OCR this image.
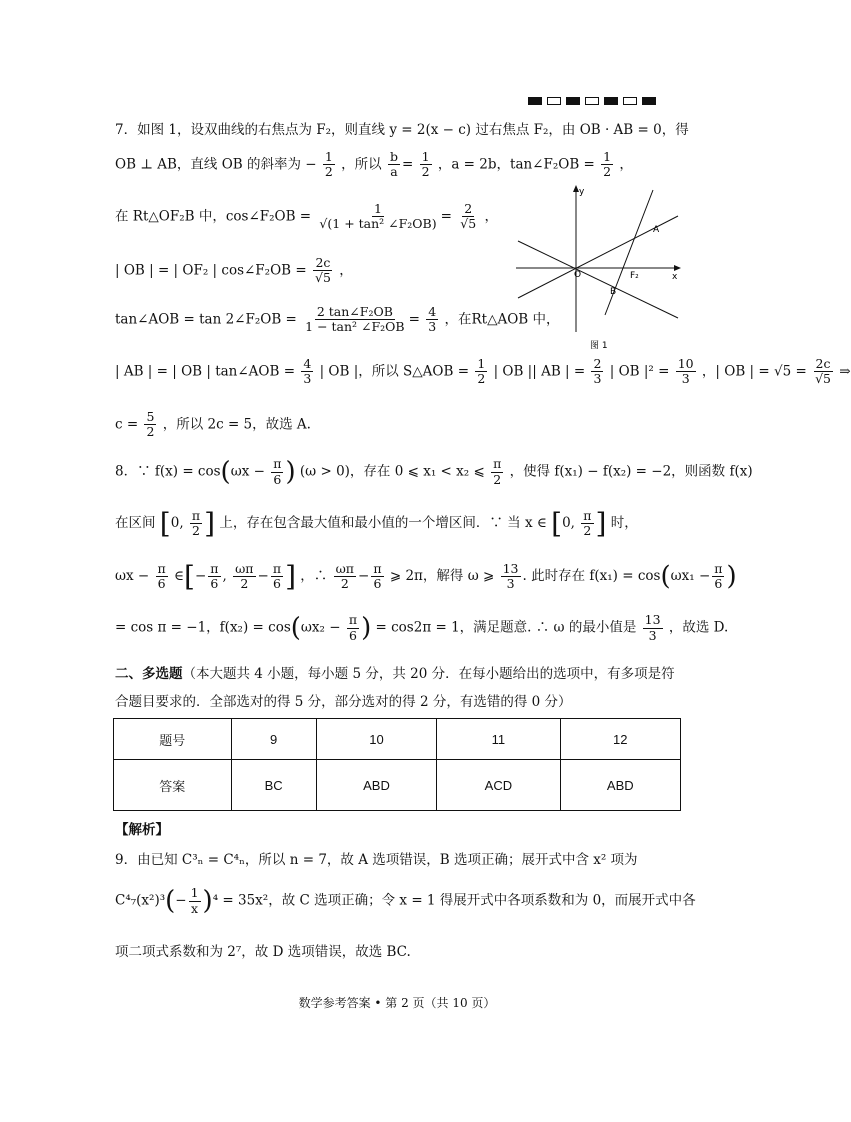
7．如图 1，设双曲线的右焦点为 F₂，则直线 y = 2(x − c) 过右焦点 F₂，由 OB · AB = 0，得
OB ⊥ AB，直线 OB 的斜率为 − $\frac{1}{2}$ ，所以 $\frac{b}{a} = \frac{1}{2}$ ，a = 2b，tan∠F₂OB = $\frac{1}{2}$ ，
在 Rt△OF₂B 中，cos∠F₂OB = $\frac{1}{\text{√(1 + tan² ∠F₂OB)}} = \frac{2}{√5}$ ，
| OB | = | OF₂ | cos∠F₂OB = $\frac{2c}{√5}$ ，
tan∠AOB = tan 2∠F₂OB = $\frac{\text{2 tan∠F₂OB}}{\text{1 − tan² ∠F₂OB}} = \frac{4}{3}$ ，在Rt△AOB 中，
| AB | = | OB | tan∠AOB = $\frac{4}{3}$ | OB |，所以 S△AOB = $\frac{1}{2}$ | OB || AB | = $\frac{2}{3}$ | OB $|^2 = \frac{10}{3}$ ，| OB | = $√5 = \frac{2c}{√5}$ ⇒
$c = \frac{5}{2}$ ，所以 2c = 5，故选 A.
y
x
O
A
F₂
B
图 1
8．∵ $f(x) = \cos(\omega x - \frac{\pi}{6}$ ) (ω > 0)，存在 0 ⩽ x₁ < x₂ ⩽ $\frac{\pi}{2}$ ，使得 f(x₁) − f(x₂) = −2，则函数 f(x)
在区间 [0, $\frac{\pi}{2}$ ] 上，存在包含最大值和最小值的一个增区间．∵ 当 x ∈ [0, $\frac{\pi}{2}$ ] 时，
$\omega x - \frac{\pi}{6}$ ∈[− $\frac{\pi}{6}$ , $\frac{\omega\pi}{2} - \frac{\pi}{6}$ ] ，∴ $\frac{\omega\pi}{2} - \frac{\pi}{6}$ ⩾ 2π，解得 ω ⩾ $\frac{13}{3}$ . 此时存在 $f(x_1) = \cos(\omega x_1 - \frac{\pi}{6}$ )
= cos π = −1，$f(x_2) = \cos(\omega x_2 - \frac{\pi}{6}$ ) = cos2π = 1，满足题意. ∴ ω 的最小值是 $\frac{13}{3}$ ，故选 D.
二、多选题（本大题共 4 小题，每小题 5 分，共 20 分．在每小题给出的选项中，有多项是符
合题目要求的．全部选对的得 5 分，部分选对的得 2 分，有选错的得 0 分）
题号	9	10	11	12
答案	BC	ABD	ACD	ABD
【解析】
9．由已知 C³ₙ = C⁴ₙ，所以 n = 7，故 A 选项错误，B 选项正确；展开式中含 x² 项为
$C^4_7(x^2)^3(- \frac{1}{x} )^4 = 35x^2$，故 C 选项正确；令 x = 1 得展开式中各项系数和为 0，而展开式中各
项二项式系数和为 2⁷，故 D 选项错误，故选 BC.
数学参考答案 • 第 2 页（共 10 页）
